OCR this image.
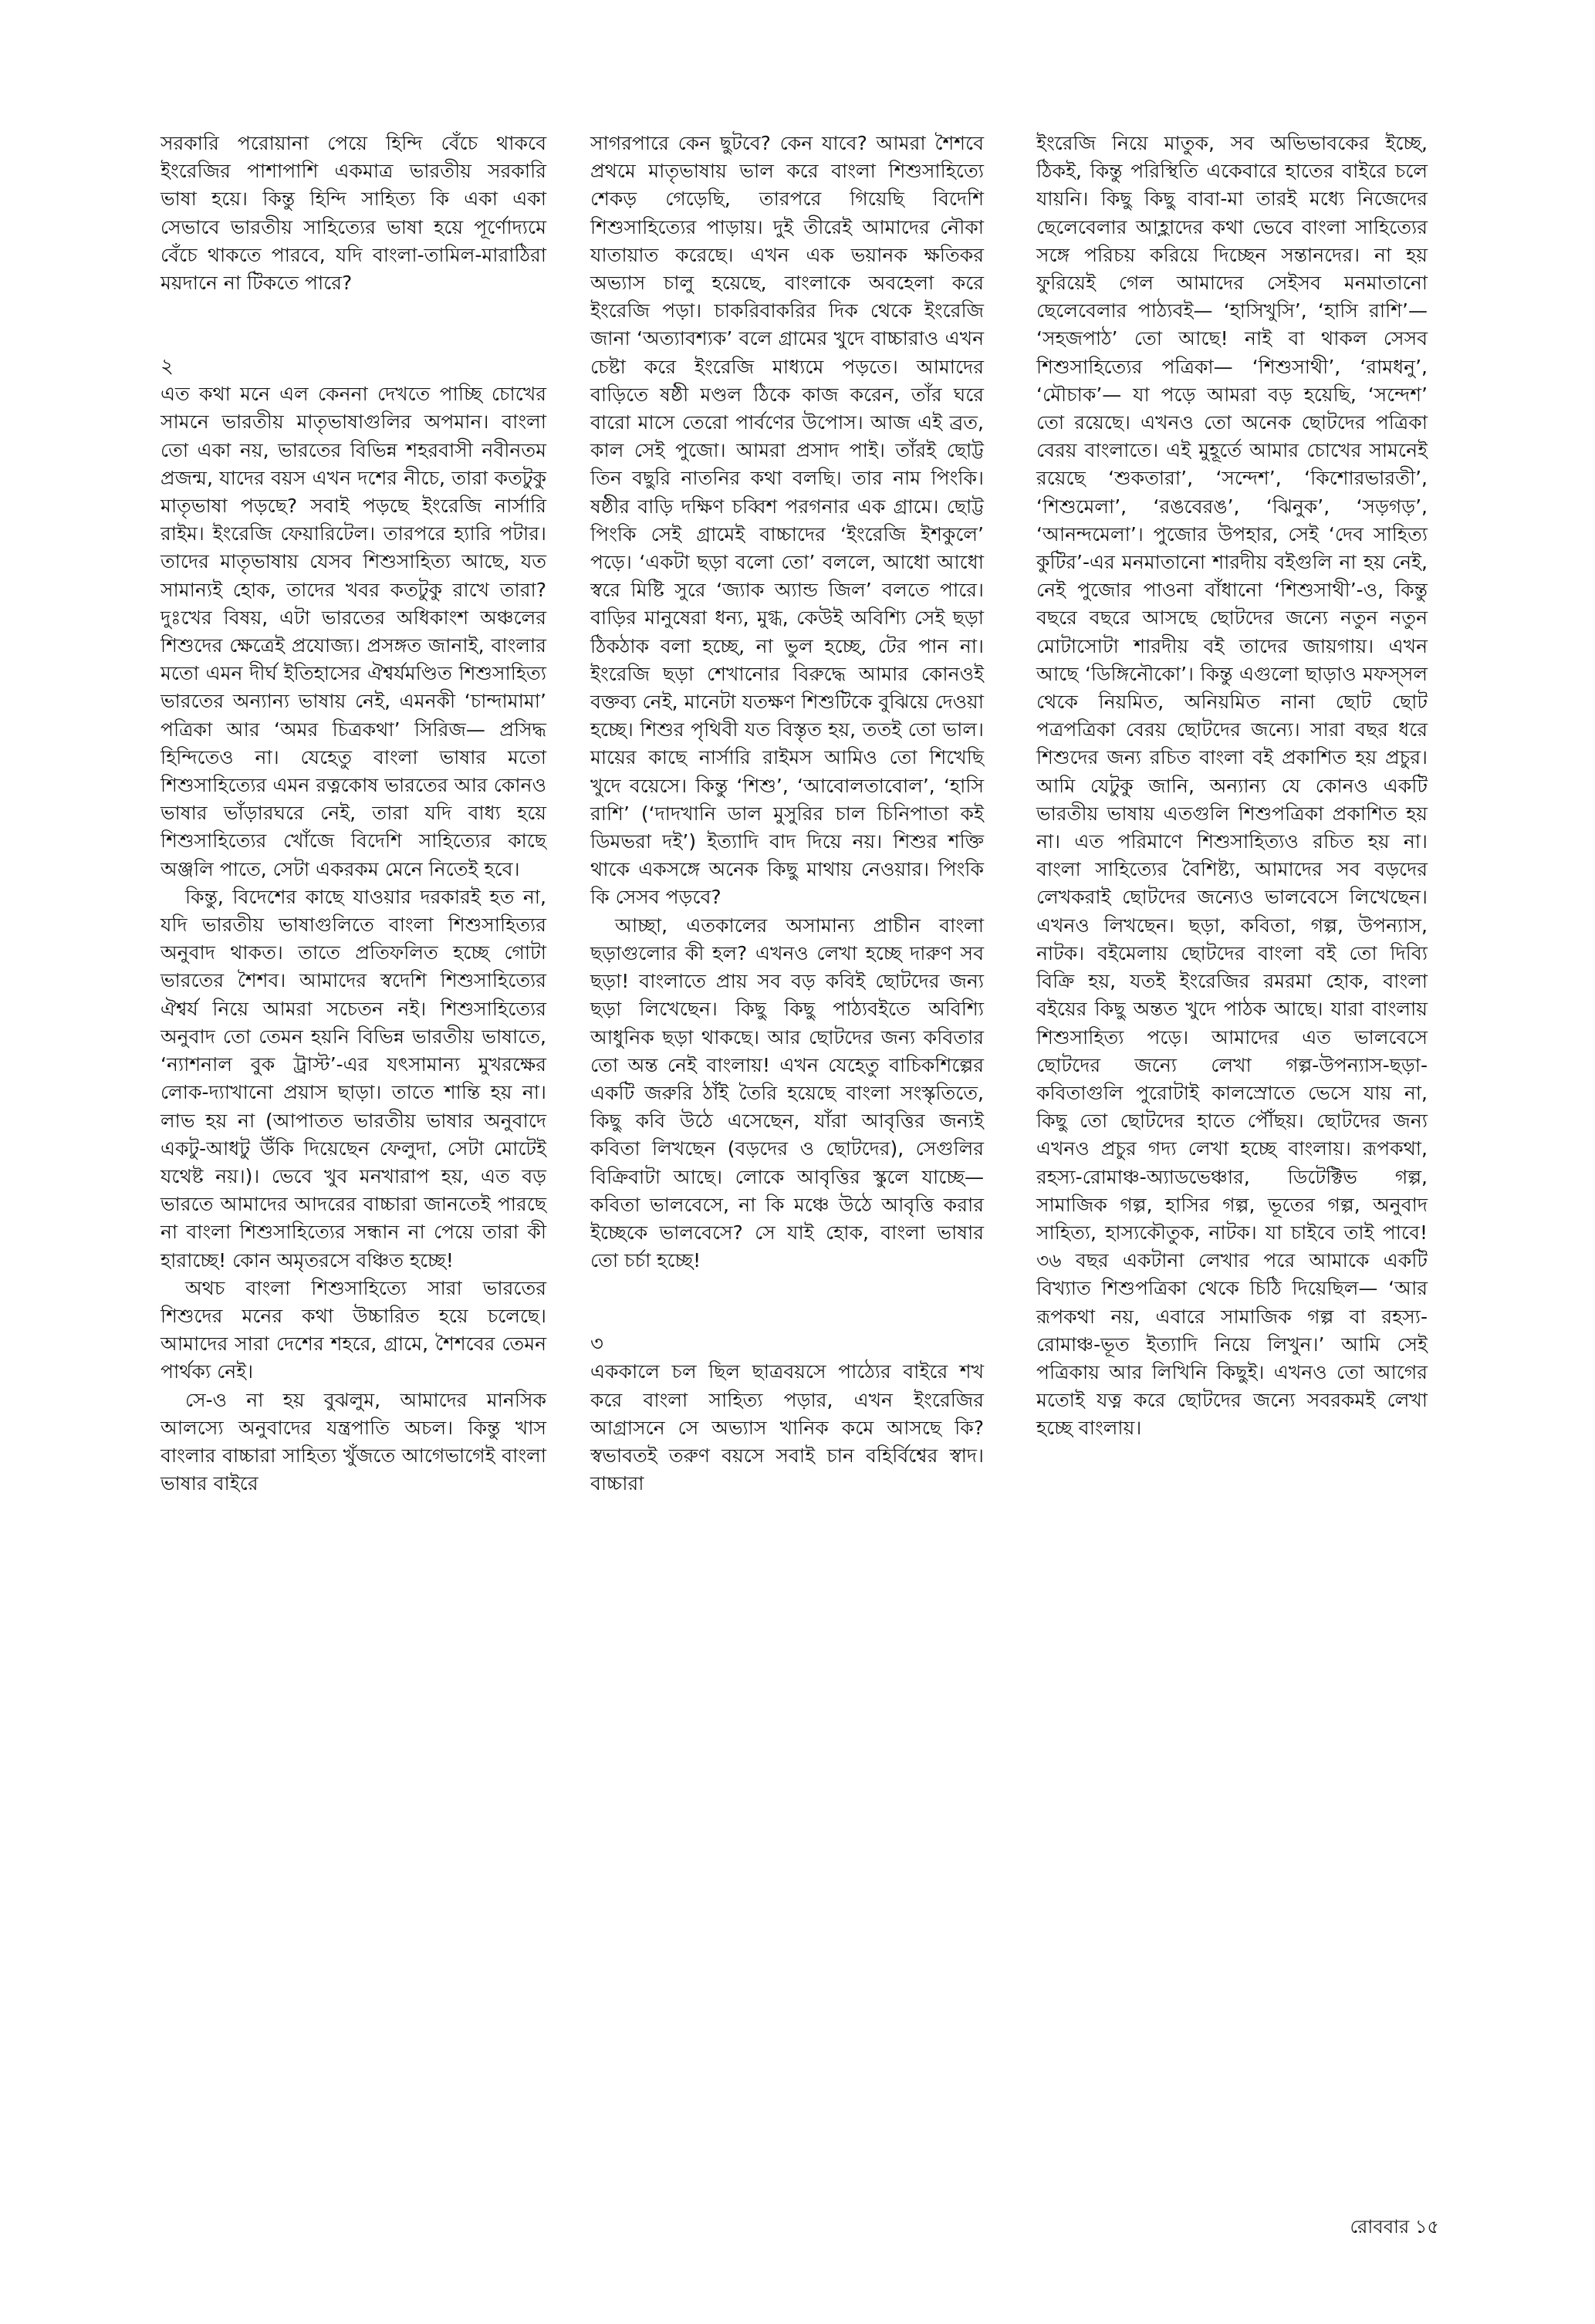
সরকারি পরোয়ানা পেয়ে হিন্দি বেঁচে থাকবে ইংরেজির পাশাপাশি একমাত্র ভারতীয় সরকারি ভাষা হয়ে। কিন্তু হিন্দি সাহিত্য কি একা একা সেভাবে ভারতীয় সাহিত্যের ভাষা হয়ে পূর্ণোদ্যমে বেঁচে থাকতে পারবে, যদি বাংলা-তামিল-মারাঠিরা ময়দানে না টিকতে পারে?

২

এত কথা মনে এল কেননা দেখতে পাচ্ছি চোখের সামনে ভারতীয় মাতৃভাষাগুলির অপমান। বাংলা তো একা নয়, ভারতের বিভিন্ন শহরবাসী নবীনতম প্রজন্ম, যাদের বয়স এখন দশের নীচে, তারা কতটুকু মাতৃভাষা পড়ছে? সবাই পড়ছে ইংরেজি নার্সারি রাইম। ইংরেজি ফেয়ারিটেল। তারপরে হ্যারি পটার। তাদের মাতৃভাষায় যেসব শিশুসাহিত্য আছে, যত সামান্যই হোক, তাদের খবর কতটুকু রাখে তারা? দুঃখের বিষয়, এটা ভারতের অধিকাংশ অঞ্চলের শিশুদের ক্ষেত্রেই প্রযোজ্য। প্রসঙ্গত জানাই, বাংলার মতো এমন দীর্ঘ ইতিহাসের ঐশ্বর্যমণ্ডিত শিশুসাহিত্য ভারতের অন্যান্য ভাষায় নেই, এমনকী ‘চান্দামামা’ পত্রিকা আর ‘অমর চিত্রকথা’ সিরিজ— প্রসিদ্ধ হিন্দিতেও না। যেহেতু বাংলা ভাষার মতো শিশুসাহিত্যের এমন রত্নকোষ ভারতের আর কোনও ভাষার ভাঁড়ারঘরে নেই, তারা যদি বাধ্য হয়ে শিশুসাহিত্যের খোঁজে বিদেশি সাহিত্যের কাছে অঞ্জলি পাতে, সেটা একরকম মেনে নিতেই হবে।

কিন্তু, বিদেশের কাছে যাওয়ার দরকারই হত না, যদি ভারতীয় ভাষাগুলিতে বাংলা শিশুসাহিত্যর অনুবাদ থাকত। তাতে প্রতিফলিত হচ্ছে গোটা ভারতের শৈশব। আমাদের স্বদেশি শিশুসাহিত্যের ঐশ্বর্য নিয়ে আমরা সচেতন নই। শিশুসাহিত্যের অনুবাদ তো তেমন হয়নি বিভিন্ন ভারতীয় ভাষাতে, ‘ন্যাশনাল বুক ট্রাস্ট’-এর যৎসামান্য মুখরক্ষের লোক-দ্যাখানো প্রয়াস ছাড়া। তাতে শান্তি হয় না। লাভ হয় না (আপাতত ভারতীয় ভাষার অনুবাদে একটু-আধটু উঁকি দিয়েছেন ফেলুদা, সেটা মোটেই যথেষ্ট নয়।)। ভেবে খুব মনখারাপ হয়, এত বড় ভারতে আমাদের আদরের বাচ্চারা জানতেই পারছে না বাংলা শিশুসাহিত্যের সন্ধান না পেয়ে তারা কী হারাচ্ছে! কোন অমৃতরসে বঞ্চিত হচ্ছে!

অথচ বাংলা শিশুসাহিত্যে সারা ভারতের শিশুদের মনের কথা উচ্চারিত হয়ে চলেছে। আমাদের সারা দেশের শহরে, গ্রামে, শৈশবের তেমন পার্থক্য নেই।

সে-ও না হয় বুঝলুম, আমাদের মানসিক আলস্যে অনুবাদের যন্ত্রপাতি অচল। কিন্তু খাস বাংলার বাচ্চারা সাহিত্য খুঁজতে আগেভাগেই বাংলা ভাষার বাইরে

সাগরপারে কেন ছুটবে? কেন যাবে? আমরা শৈশবে প্রথমে মাতৃভাষায় ভাল করে বাংলা শিশুসাহিত্যে শেকড় গেড়েছি, তারপরে গিয়েছি বিদেশি শিশুসাহিত্যের পাড়ায়। দুই তীরেই আমাদের নৌকা যাতায়াত করেছে। এখন এক ভয়ানক ক্ষতিকর অভ্যাস চালু হয়েছে, বাংলাকে অবহেলা করে ইংরেজি পড়া। চাকরিবাকরির দিক থেকে ইংরেজি জানা ‘অত্যাবশ্যক’ বলে গ্রামের খুদে বাচ্চারাও এখন চেষ্টা করে ইংরেজি মাধ্যমে পড়তে। আমাদের বাড়িতে ষষ্ঠী মণ্ডল ঠিকে কাজ করেন, তাঁর ঘরে বারো মাসে তেরো পার্বণের উপোস। আজ এই ব্রত, কাল সেই পুজো। আমরা প্রসাদ পাই। তাঁরই ছোট্ট তিন বছুরি নাতনির কথা বলছি। তার নাম পিংকি। ষষ্ঠীর বাড়ি দক্ষিণ চব্বিশ পরগনার এক গ্রামে। ছোট্ট পিংকি সেই গ্রামেই বাচ্চাদের ‘ইংরেজি ইশকুলে’ পড়ে। ‘একটা ছড়া বলো তো’ বললে, আধো আধো স্বরে মিষ্টি সুরে ‘জ্যাক অ্যান্ড জিল’ বলতে পারে। বাড়ির মানুষেরা ধন্য, মুগ্ধ, কেউই অবিশ্যি সেই ছড়া ঠিকঠাক বলা হচ্ছে, না ভুল হচ্ছে, টের পান না। ইংরেজি ছড়া শেখানোর বিরুদ্ধে আমার কোনওই বক্তব্য নেই, মানেটা যতক্ষণ শিশুটিকে বুঝিয়ে দেওয়া হচ্ছে। শিশুর পৃথিবী যত বিস্তৃত হয়, ততই তো ভাল। মায়ের কাছে নার্সারি রাইমস আমিও তো শিখেছি খুদে বয়েসে। কিন্তু ‘শিশু’, ‘আবোলতাবোল’, ‘হাসি রাশি’ (‘দাদখানি ডাল মুসুরির চাল চিনিপাতা কই ডিমভরা দই’) ইত্যাদি বাদ দিয়ে নয়। শিশুর শক্তি থাকে একসঙ্গে অনেক কিছু মাথায় নেওয়ার। পিংকি কি সেসব পড়বে?

আচ্ছা, এতকালের অসামান্য প্রাচীন বাংলা ছড়াগুলোর কী হল? এখনও লেখা হচ্ছে দারুণ সব ছড়া! বাংলাতে প্রায় সব বড় কবিই ছোটদের জন্য ছড়া লিখেছেন। কিছু কিছু পাঠ্যবইতে অবিশ্যি আধুনিক ছড়া থাকছে। আর ছোটদের জন্য কবিতার তো অন্ত নেই বাংলায়! এখন যেহেতু বাচিকশিল্পের একটি জরুরি ঠাঁই তৈরি হয়েছে বাংলা সংস্কৃতিতে, কিছু কবি উঠে এসেছেন, যাঁরা আবৃত্তির জন্যই কবিতা লিখছেন (বড়দের ও ছোটদের), সেগুলির বিক্রিবাটা আছে। লোকে আবৃত্তির স্কুলে যাচ্ছে— কবিতা ভালবেসে, না কি মঞ্চে উঠে আবৃত্তি করার ইচ্ছেকে ভালবেসে? সে যাই হোক, বাংলা ভাষার তো চর্চা হচ্ছে!

৩

এককালে চল ছিল ছাত্রবয়সে পাঠ্যের বাইরে শখ করে বাংলা সাহিত্য পড়ার, এখন ইংরেজির আগ্রাসনে সে অভ্যাস খানিক কমে আসছে কি? স্বভাবতই তরুণ বয়সে সবাই চান বহির্বিশ্বের স্বাদ। বাচ্চারা

ইংরেজি নিয়ে মাতুক, সব অভিভাবকের ইচ্ছে, ঠিকই, কিন্তু পরিস্থিতি একেবারে হাতের বাইরে চলে যায়নি। কিছু কিছু বাবা-মা তারই মধ্যে নিজেদের ছেলেবেলার আহ্লাদের কথা ভেবে বাংলা সাহিত্যের সঙ্গে পরিচয় করিয়ে দিচ্ছেন সন্তানদের। না হয় ফুরিয়েই গেল আমাদের সেইসব মনমাতানো ছেলেবেলার পাঠ্যবই— ‘হাসিখুসি’, ‘হাসি রাশি’— ‘সহজপাঠ’ তো আছে! নাই বা থাকল সেসব শিশুসাহিত্যের পত্রিকা— ‘শিশুসাথী’, ‘রামধনু’, ‘মৌচাক’— যা পড়ে আমরা বড় হয়েছি, ‘সন্দেশ’ তো রয়েছে। এখনও তো অনেক ছোটদের পত্রিকা বেরয় বাংলাতে। এই মুহূর্তে আমার চোখের সামনেই রয়েছে ‘শুকতারা’, ‘সন্দেশ’, ‘কিশোরভারতী’, ‘শিশুমেলা’, ‘রঙবেরঙ’, ‘ঝিনুক’, ‘সড়গড়’, ‘আনন্দমেলা’। পুজোর উপহার, সেই ‘দেব সাহিত্য কুটির’-এর মনমাতানো শারদীয় বইগুলি না হয় নেই, নেই পুজোর পাওনা বাঁধানো ‘শিশুসাথী’-ও, কিন্তু বছরে বছরে আসছে ছোটদের জন্যে নতুন নতুন মোটাসোটা শারদীয় বই তাদের জায়গায়। এখন আছে ‘ডিঙ্গিনৌকো’। কিন্তু এগুলো ছাড়াও মফস্সল থেকে নিয়মিত, অনিয়মিত নানা ছোট ছোট পত্রপত্রিকা বেরয় ছোটদের জন্যে। সারা বছর ধরে শিশুদের জন্য রচিত বাংলা বই প্রকাশিত হয় প্রচুর। আমি যেটুকু জানি, অন্যান্য যে কোনও একটি ভারতীয় ভাষায় এতগুলি শিশুপত্রিকা প্রকাশিত হয় না। এত পরিমাণে শিশুসাহিত্যও রচিত হয় না। বাংলা সাহিত্যের বৈশিষ্ট্য, আমাদের সব বড়দের লেখকরাই ছোটদের জন্যেও ভালবেসে লিখেছেন। এখনও লিখছেন। ছড়া, কবিতা, গল্প, উপন্যাস, নাটক। বইমেলায় ছোটদের বাংলা বই তো দিব্যি বিক্রি হয়, যতই ইংরেজির রমরমা হোক, বাংলা বইয়ের কিছু অন্তত খুদে পাঠক আছে। যারা বাংলায় শিশুসাহিত্য পড়ে। আমাদের এত ভালবেসে ছোটদের জন্যে লেখা গল্প-উপন্যাস-ছড়া-কবিতাগুলি পুরোটাই কালস্রোতে ভেসে যায় না, কিছু তো ছোটদের হাতে পৌঁছয়। ছোটদের জন্য এখনও প্রচুর গদ্য লেখা হচ্ছে বাংলায়। রূপকথা, রহস্য-রোমাঞ্চ-অ্যাডভেঞ্চার, ডিটেক্টিভ গল্প, সামাজিক গল্প, হাসির গল্প, ভূতের গল্প, অনুবাদ সাহিত্য, হাস্যকৌতুক, নাটক। যা চাইবে তাই পাবে! ৩৬ বছর একটানা লেখার পরে আমাকে একটি বিখ্যাত শিশুপত্রিকা থেকে চিঠি দিয়েছিল— ‘আর রূপকথা নয়, এবারে সামাজিক গল্প বা রহস্য-রোমাঞ্চ-ভূত ইত্যাদি নিয়ে লিখুন।’ আমি সেই পত্রিকায় আর লিখিনি কিছুই। এখনও তো আগের মতোই যত্ন করে ছোটদের জন্যে সবরকমই লেখা হচ্ছে বাংলায়।

রোববার ১৫
